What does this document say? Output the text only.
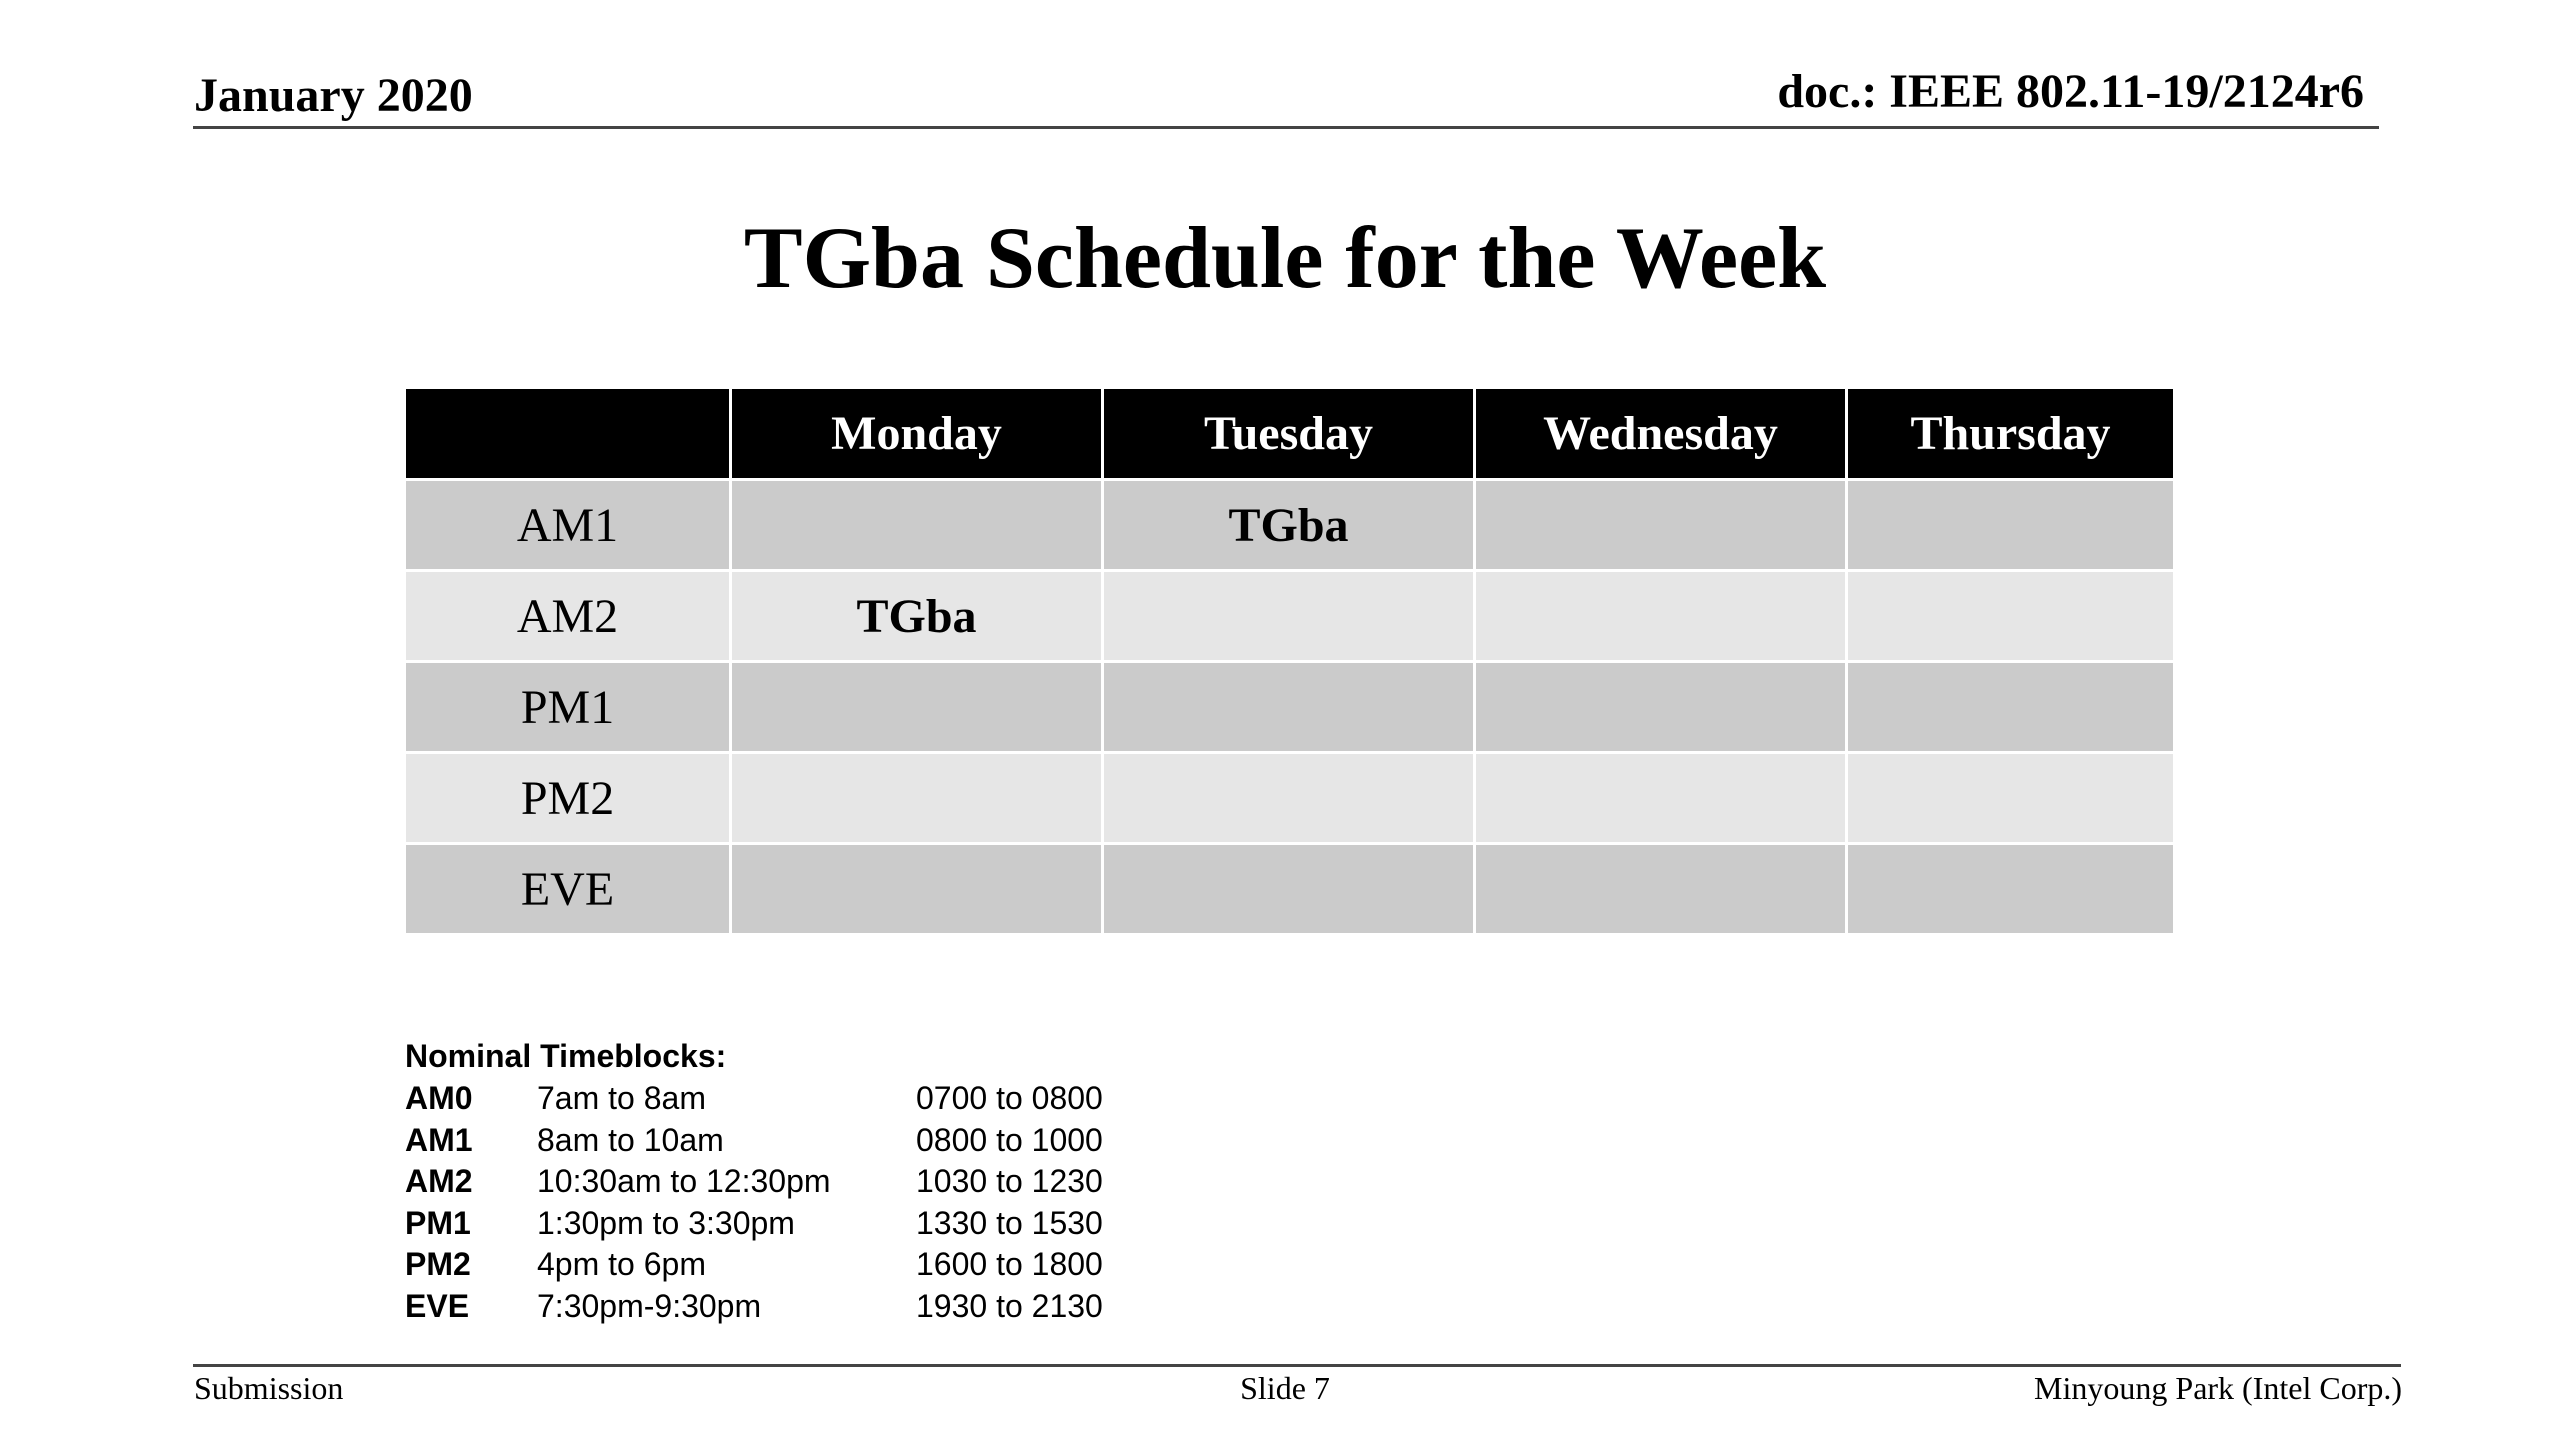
January 2020	doc.: IEEE 802.11-19/2124r6
TGba Schedule for the Week
	Monday	Tuesday	Wednesday	Thursday
AM1		TGba		
AM2	TGba			
PM1				
PM2				
EVE				
Nominal Timeblocks:
AM0 7am to 8am	0700 to 0800
AM1 8am to 10am	0800 to 1000
AM2 10:30am to 12:30pm	1030 to 1230
PM1 1:30pm to 3:30pm	1330 to 1530
PM2 4pm to 6pm	1600 to 1800
EVE 7:30pm-9:30pm	1930 to 2130
Submission	Slide 7	Minyoung Park (Intel Corp.)
